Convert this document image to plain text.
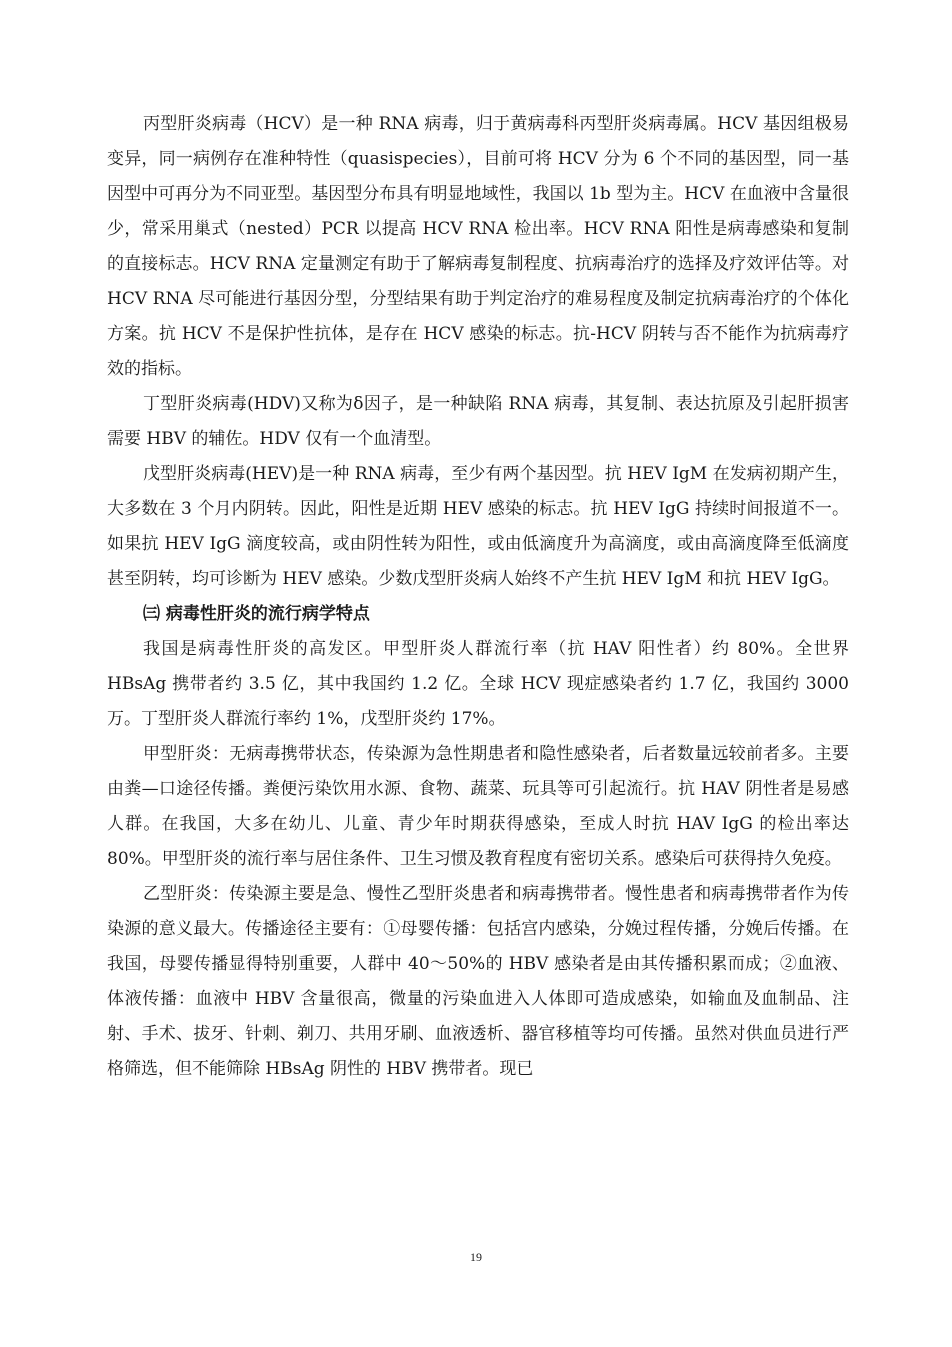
丙型肝炎病毒（HCV）是一种 RNA 病毒，归于黄病毒科丙型肝炎病毒属。HCV 基因组极易变异，同一病例存在准种特性（quasispecies），目前可将 HCV 分为 6 个不同的基因型，同一基因型中可再分为不同亚型。基因型分布具有明显地域性，我国以 1b 型为主。HCV 在血液中含量很少，常采用巢式（nested）PCR 以提高 HCV RNA 检出率。HCV RNA 阳性是病毒感染和复制的直接标志。HCV RNA 定量测定有助于了解病毒复制程度、抗病毒治疗的选择及疗效评估等。对 HCV RNA 尽可能进行基因分型，分型结果有助于判定治疗的难易程度及制定抗病毒治疗的个体化方案。抗 HCV 不是保护性抗体，是存在 HCV 感染的标志。抗-HCV 阴转与否不能作为抗病毒疗效的指标。

丁型肝炎病毒(HDV)又称为δ因子，是一种缺陷 RNA 病毒，其复制、表达抗原及引起肝损害需要 HBV 的辅佐。HDV 仅有一个血清型。

戊型肝炎病毒(HEV)是一种 RNA 病毒，至少有两个基因型。抗 HEV IgM 在发病初期产生，大多数在 3 个月内阴转。因此，阳性是近期 HEV 感染的标志。抗 HEV IgG 持续时间报道不一。如果抗 HEV IgG 滴度较高，或由阴性转为阳性，或由低滴度升为高滴度，或由高滴度降至低滴度甚至阴转，均可诊断为 HEV 感染。少数戊型肝炎病人始终不产生抗 HEV IgM 和抗 HEV IgG。

㈢ 病毒性肝炎的流行病学特点

我国是病毒性肝炎的高发区。甲型肝炎人群流行率（抗 HAV 阳性者）约 80%。全世界 HBsAg 携带者约 3.5 亿，其中我国约 1.2 亿。全球 HCV 现症感染者约 1.7 亿，我国约 3000 万。丁型肝炎人群流行率约 1%，戊型肝炎约 17%。

甲型肝炎：无病毒携带状态，传染源为急性期患者和隐性感染者，后者数量远较前者多。主要由粪—口途径传播。粪便污染饮用水源、食物、蔬菜、玩具等可引起流行。抗 HAV 阴性者是易感人群。在我国，大多在幼儿、儿童、青少年时期获得感染，至成人时抗 HAV IgG 的检出率达 80%。甲型肝炎的流行率与居住条件、卫生习惯及教育程度有密切关系。感染后可获得持久免疫。

乙型肝炎：传染源主要是急、慢性乙型肝炎患者和病毒携带者。慢性患者和病毒携带者作为传染源的意义最大。传播途径主要有：①母婴传播：包括宫内感染，分娩过程传播，分娩后传播。在我国，母婴传播显得特别重要，人群中 40～50%的 HBV 感染者是由其传播积累而成；②血液、体液传播：血液中 HBV 含量很高，微量的污染血进入人体即可造成感染，如输血及血制品、注射、手术、拔牙、针刺、剃刀、共用牙刷、血液透析、器官移植等均可传播。虽然对供血员进行严格筛选，但不能筛除 HBsAg 阴性的 HBV 携带者。现已

19
